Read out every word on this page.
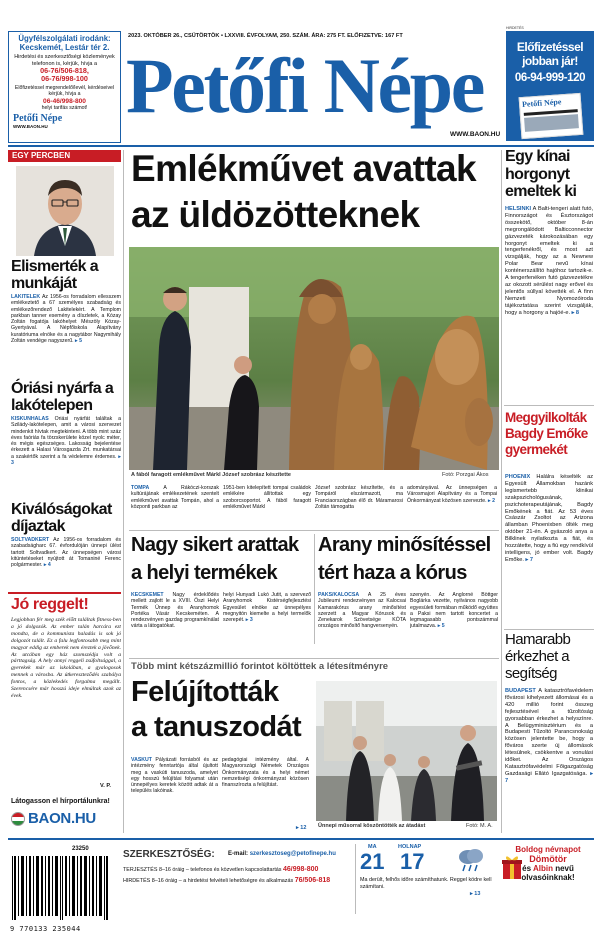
Ügyfélszolgálati irodánk: Kecskemét, Lestár tér 2.
Hirdetési és szerkesztőségi közlemények
telefonon is, kérjük, hívja a
06-76/506-818,
06-76/998-100
Előfizetéssel megrendelő/levél, kérdéseivel kérjük, hívja a
06-46/998-800
helyi tarifás számot!
Petőfi Népe
WWW.BAON.HU
2023. OKTÓBER 26., CSÜTÖRTÖK • LXXVIII. ÉVFOLYAM, 250. SZÁM. ÁRA: 275 FT. ELŐFIZETVE: 167 FT
Petőfi Népe
WWW.BAON.HU
HIRDETÉS
Előfizetéssel
jobban jár!
06-94-999-120
Petőfi Népe
EGY PERCBEN
Elismerték a munkáját
LAKITELEK Az 1956-os forradalom ellesszem emlékeztető a 67 személyes szabadság és emlékezőrendező Lakitelekért. A Templom parkban tanner esemény a díszletek, a Kózay Zoltán fogatója lakóhelyet Mészöly Kózay-Gyertyával. A Népfőiskola Alapítvány kuratóriuma elnöke és a nagytábor Nagymihály Zoltán vendége nagyszerű. ▸ 5
Óriási nyárfa a lakótelepen
KISKUNHALAS Óriási nyárfát találtak a Szilády-lakótelepen, amit a városi szervezet mindenkit hívtak megtekinteni. A több mint száz éves faóriás fa törzskerülete közel nyolc méter, és mégis egészséges. Lakosság bejelentése érkezett a Halasi Városgazda Zrt. munkatársai a szakértők szerint a fa védelemre érdemes. ▸ 3
Kiválóságokat díjaztak
SOLTVADKERT Az 1956-os forradalom és szabadságharc 67. évfordulóján ünnepi ülést tartott Soltvadkert. Az ünnepségen városi kitüntetéseket nyújtott át Tomaniné Ferenc polgármester. ▸ 4
Jó reggelt!
Legjobban fér meg szék előtt találtak fitness-ben a jó dolgozók. Az ember talán harcára ezt mondta, de a kommunista haladás is sok jó dolgozót talált. Ez a falu legfontosabb meg mint magyar eddig az emberek nem éreztek a jövőnek. Az utcában egy ház szomszédja volt a párttagság. A hely annyi reggeli zsúfoltsággal, a gyerekek már az iskolában, a gyalogosok mennek a városba. Az útkereszteződés szabálya fontos, a közlekedés forgalma megállt. Szerencsére már hosszú ideje elmúltak azok az évek.
V. P.
Látogasson el hírportálunkra!
BAON.HU
Emlékművet avattak
az üldözötteknek
A fából faragott emlékművet Márkl József szobrász készítette	Fotó: Porzgai Ákos
TOMPA	A Rákóczi-korszak kultúrájának emlékezetének szentelt emlékművet avattak Tompán, ahol a központi parkban az
1951-ben kitelepített tompai családok emlékére állítottak egy szoborcsoportot. A fából faragott emlékművet Márkl
József szobrász készítette, és a Tompáról elszármazott, ma Franciaországban élő dr. Máramarosi Zoltán támogatta
adományával. Az ünnepségen a Városmajori Alapítvány és a Tompai Önkormányzat közösen szervezte. ▸ 2
Nagy sikert arattak
a helyi termékek
KECSKEMÉT Nagy érdeklődés mellett zajlott le a XVIII. Őszi Helyi Termék Ünnep és Aranyhomok Portéka Vásár Kecskeméten. A rendezvényen gazdag programkínálat várta a látogatókat.
helyi Hunyadi Lukó Jutit, a szervező Aranyhomok Kistérségfejlesztési Egyesület elnöke az ünnepélyes megnyitón kiemelte a helyi termelők szerepét. ▸ 3
Arany minősítéssel
tért haza a kórus
PAKS/KALOCSA A 25 éves Jubileumi rendezvényen az Kalocsai Kamarakórus arany minősítést szerzett a Magyar Kórusok és Zenekarok Szövetsége KÓTA országos minősítő hangversenyén.
szenyén. Az Anglorné Böttger Boglárka vezette, nyilvános nagyobb egyesületi formában működő együttes a Paksi nem tartott koncertet a legmagasabb pontszámmal jutalmazva. ▸ 5
Több mint kétszázmillió forintot költöttek a létesítményre
Felújították
a tanuszodát
VASKÚT Pályázati forrásból és az intézmény fenntartója által újultott meg a vaskúti tanuszoda, amelyet egy hosszú felújítási folyamat után ünnepélyes keretek között adtak át a település lakóinak.
pedagógiai intézmény által. A Magyarországi Németek Országos Önkormányzata és a helyi német nemzetiségi önkormányzat közösen finanszírozta a felújítást.
Ünnepi műsorral köszöntötték az átadást	Fotó: M. A.
▸ 12
Egy kínai horgonyt emeltek ki
HELSINKI A Balti-tengeri alatt futó, Finnországot és Észtországot összekötő, október 8-án megrongálódott Balticconnector gázvezeték károkozásában egy horgonyt emeltek ki a tengerfenékről, és most azt vizsgálják, hogy az a Newnew Polar Bear nevű kínai konténerszállító hajóhoz tartozik-e. A tengerfenéken futó gázvezetékre az okozott sérülést nagy erővel és jelentős súllyal követték el. A finn Nemzeti Nyomozóiroda tájékoztatása szerint vizsgálják, hogy a horgony a hajóé-e. ▸ 8
Meggyilkolták Bagdy Emőke gyermekét
PHOENIX Halálra késelték az Egyesült Államokban hazánk legismertebb klinikai szakpszichológusának, pszichoterapeutájának, Bagdy Emőkének a fiát. Az 53 éves Császár Zsoltot az Arizona államban Phoenixben ölték meg október 21-én. A gyászoló anya a Bilklinek nyilatkozta a fiát, és hozzátette, hogy a fiú egy rendkívül intelligens, jó ember volt. Bagdy Emőke. ▸ 7
Hamarabb érkezhet a segítség
BUDAPEST A katasztrófavédelem fővárosi kihelyezett állomásai és a 420 millió forint összeg fejlesztésével a tűzoltóság gyorsabban érkezhet a helyszínre. A Belügyminisztérium és a Budapesti Tűzoltó Parancsnokság közösen jelentette be, hogy a főváros szerte új állomások létesülnek, csökkentve a vonulási időket. Az Országos Katasztrófavédelmi Főigazgatóság Gazdasági Ellátó Igazgatósága. ▸ 7
23250
9 770133 235044
SZERKESZTŐSÉG: E-mail: szerkesztoseg@petofinepe.hu
TERJESZTÉS 8–16 óráig – telefonos és közvetlen kapcsolattartás 46/998-800
HIRDETÉS 8–16 óráig – a hirdetési felvételi lehetőségre és alkalmazás 76/506-818
MA
21
HOLNAP
17
Ma derült, felhős időre számíthatunk. Reggel ködre kell számítani.
▸ 13
Boldog névnapot
Dömötör
és Albin nevű
olvasóinknak!
